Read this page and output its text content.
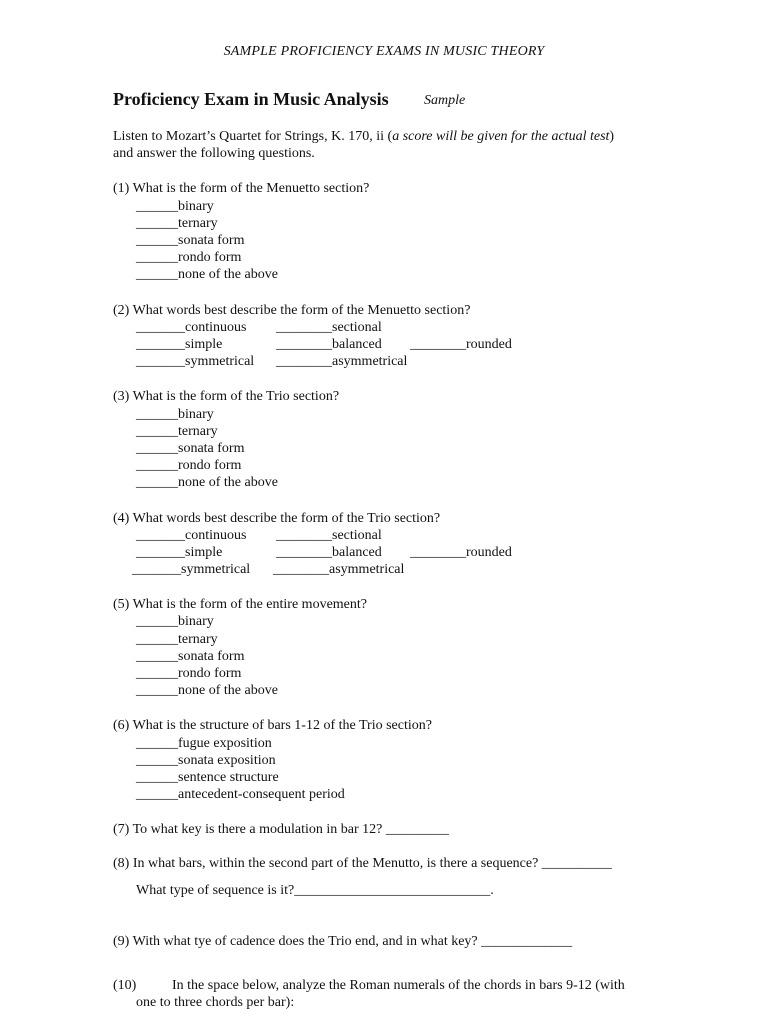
SAMPLE PROFICIENCY EXAMS IN MUSIC THEORY
Proficiency Exam in Music Analysis	Sample

Listen to Mozart’s Quartet for Strings, K. 170, ii (a score will be given for the actual test)

and answer the following questions.

(1) What is the form of the Menuetto section?
______binary
______ternary
______sonata form
______rondo form
______none of the above
(2) What words best describe the form of the Menuetto section?
_______continuous
_______simple
_______symmetrical
________sectional
________balanced
________asymmetrical
________rounded
(3) What is the form of the Trio section?
______binary
______ternary
______sonata form
______rondo form
______none of the above
(4) What words best describe the form of the Trio section?
_______continuous
_______simple
_______symmetrical
________sectional
________balanced
________asymmetrical
________rounded
(5) What is the form of the entire movement?
______binary
______ternary
______sonata form
______rondo form
______none of the above
(6) What is the structure of bars 1-12 of the Trio section?
______fugue exposition
______sonata exposition
______sentence structure
______antecedent-consequent period
(7) To what key is there a modulation in bar 12? _________
(8) In what bars, within the second part of the Menutto, is there a sequence? __________
What type of sequence is it?____________________________.
(9) With what tye of cadence does the Trio end, and in what key? _____________
(10)	In the space below, analyze the Roman numerals of the chords in bars 9-12 (with
one to three chords per bar):
